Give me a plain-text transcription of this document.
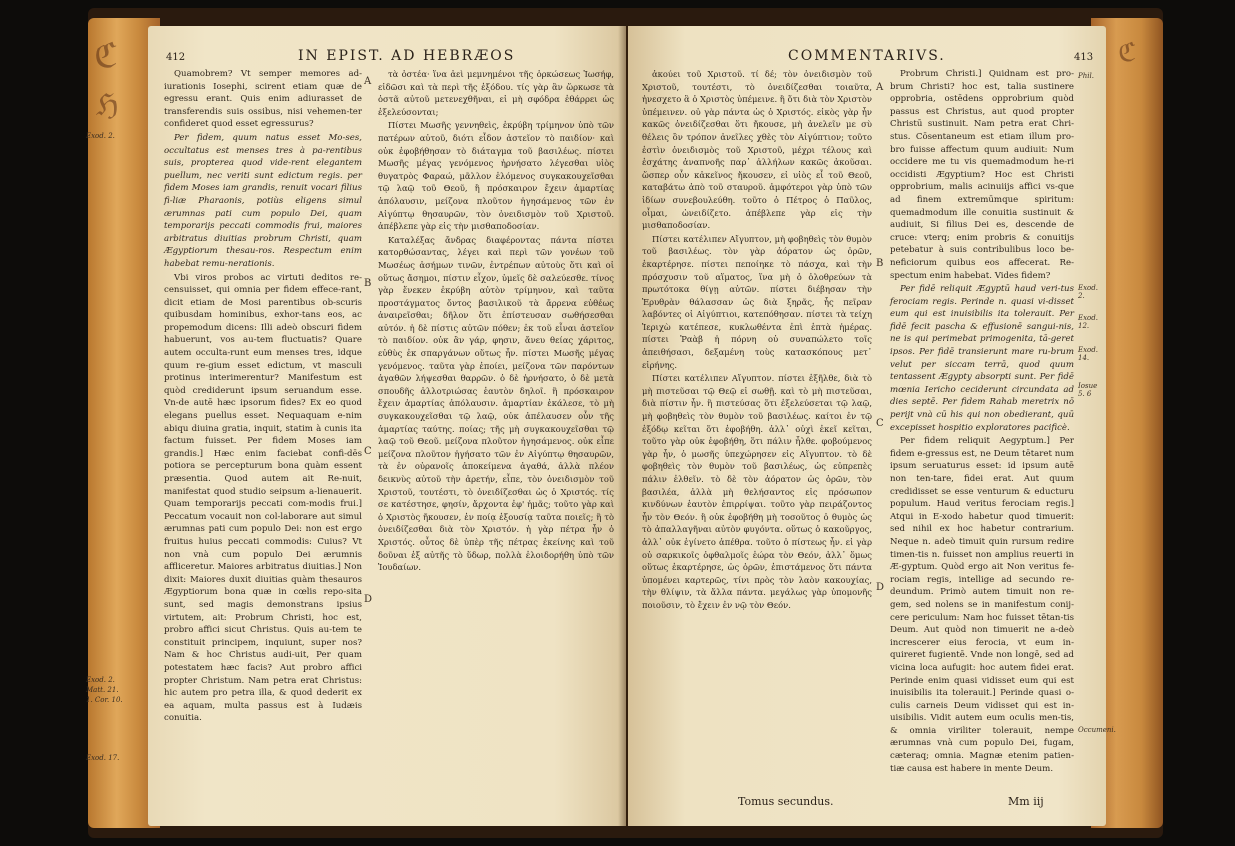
ℭ
ℌ
ℭ
412	IN EPIST. AD HEBRÆOS

Quamobrem? Vt semper memores ad-iurationis Iosephi, scirent etiam quæ de egressu erant. Quis enim adiurasset de transferendis suis ossibus, nisi vehemen-ter confideret quod esset egressurus?

Per fidem, quum natus esset Mo-ses, occultatus est menses tres à pa-rentibus suis, propterea quod vide-rent elegantem puellum, nec veriti sunt edictum regis. per fidem Moses iam grandis, renuit vocari filius fi-liæ Pharaonis, potiùs eligens simul ærumnas pati cum populo Dei, quam temporarijs peccati commodis frui, maiores arbitratus diuitias probrum Christi, quam Ægyptiorum thesau-ros. Respectum enim habebat remu-nerationis.

Vbi viros probos ac virtuti deditos re-censuisset, qui omnia per fidem effece-rant, dicit etiam de Mosi parentibus ob-scuris quibusdam hominibus, exhor-tans eos, ac propemodum dicens: Illi adeò obscuri fidem habuerunt, vos au-tem fluctuatis? Quare autem occulta-runt eum menses tres, idque quum re-gium esset edictum, vt masculi protinus interimerentur? Manifestum est quòd crediderunt ipsum seruandum esse. Vn-de autē hæc ipsorum fides? Ex eo quod elegans puellus esset. Nequaquam e-nim abiqu diuina gratia, inquit, statim à cunis ita factum fuisset. Per fidem Moses iam grandis.] Hæc enim faciebat confi-dēs potiora se percepturum bona quàm essent præsentia. Quod autem ait Re-nuit, manifestat quod studio seipsum a-lienauerit. Quam temporarijs peccati com-modis frui.] Peccatum vocauit non col-laborare aut simul ærumnas pati cum populo Dei: non est ergo fruitus huius peccati commodis: Cuius? Vt non vnà cum populo Dei ærumnis affliceretur. Maiores arbitratus diuitias.] Non dixit: Maiores duxit diuitias quàm thesauros Ægyptiorum bona quæ in cœlis repo-sita sunt, sed magis demonstrans ipsius virtutem, ait: Probrum Christi, hoc est, probro affici sicut Christus. Quis au-tem te constituit principem, inquiunt, super nos? Nam & hoc Christus audi-uit, Per quam potestatem hæc facis? Aut probro affici propter Christum. Nam petra erat Christus: hic autem pro petra illa, & quod dederit ex ea aquam, multa passus est à Iudæis conuitia.

A
B
C
D

τὰ ὀστέα· ἵνα ἀεὶ μεμνημένοι τῆς ὁρκώσεως Ἰωσήφ, εἰδῶσι καὶ τὰ περὶ τῆς ἐξόδου. τίς γὰρ ἂν ὥρκωσε τὰ ὀστᾶ αὐτοῦ μετενεχθῆναι, εἰ μὴ σφόδρα ἐθάρρει ὡς ἐξελεύσονται;

Πίστει Μωσῆς γεννηθεὶς, ἐκρύβη τρίμηνον ὑπὸ τῶν πατέρων αὐτοῦ, διότι εἶδον ἀστεῖον τὸ παιδίον· καὶ οὐκ ἐφοβήθησαν τὸ διάταγμα τοῦ βασιλέως. πίστει Μωσῆς μέγας γενόμενος ἠρνήσατο λέγεσθαι υἱὸς θυγατρὸς Φαραώ, μᾶλλον ἑλόμενος συγκακουχεῖσθαι τῷ λαῷ τοῦ Θεοῦ, ἢ πρόσκαιρον ἔχειν ἁμαρτίας ἀπόλαυσιν, μείζονα πλοῦτον ἡγησάμενος τῶν ἐν Αἰγύπτῳ θησαυρῶν, τὸν ὀνειδισμὸν τοῦ Χριστοῦ. ἀπέβλεπε γὰρ εἰς τὴν μισθαποδοσίαν.

Καταλέξας ἄνδρας διαφέροντας πάντα πίστει κατορθώσαντας, λέγει καὶ περὶ τῶν γονέων τοῦ Μωσέως ἀσήμων τινῶν, ἐντρέπων αὐτοὺς ὅτι καὶ οἱ οὕτως ἄσημοι, πίστιν εἶχον, ὑμεῖς δὲ σαλεύεσθε. τίνος γὰρ ἕνεκεν ἐκρύβη αὐτὸν τρίμηνον, καὶ ταῦτα προστάγματος ὄντος βασιλικοῦ τὰ ἄρρενα εὐθέως ἀναιρεῖσθαι; δῆλον ὅτι ἐπίστευσαν σωθήσεσθαι αὐτόν. ἡ δὲ πίστις αὐτῶν πόθεν; ἐκ τοῦ εἶναι ἀστεῖον τὸ παιδίον. οὐκ ἂν γάρ, φησιν, ἄνευ θείας χάριτος, εὐθὺς ἐκ σπαργάνων οὕτως ἦν. πίστει Μωσῆς μέγας γενόμενος. ταῦτα γὰρ ἐποίει, μείζονα τῶν παρόντων ἀγαθῶν λήψεσθαι θαρρῶν. ὁ δὲ ἠρνήσατο, ὁ δὲ μετὰ σπουδῆς ἀλλοτριώσας ἑαυτὸν δηλοῖ. ἢ πρόσκαιρον ἔχειν ἁμαρτίας ἀπόλαυσιν. ἁμαρτίαν ἐκάλεσε, τὸ μὴ συγκακουχεῖσθαι τῷ λαῷ, οὐκ ἀπέλαυσεν οὖν τῆς ἁμαρτίας ταύτης. ποίας; τῆς μὴ συγκακουχεῖσθαι τῷ λαῷ τοῦ Θεοῦ. μείζονα πλοῦτον ἡγησάμενος. οὐκ εἶπε μείζονα πλοῦτον ἡγήσατο τῶν ἐν Αἰγύπτῳ θησαυρῶν, τὰ ἐν οὐρανοῖς ἀποκείμενα ἀγαθά, ἀλλὰ πλέον δεικνὺς αὐτοῦ τὴν ἀρετήν, εἶπε, τὸν ὀνειδισμὸν τοῦ Χριστοῦ, τουτέστι, τὸ ὀνειδίζεσθαι ὡς ὁ Χριστός. τίς σε κατέστησε, φησίν, ἄρχοντα ἐφ' ἡμᾶς; τοῦτο γὰρ καὶ ὁ Χριστὸς ἤκουσεν, ἐν ποίᾳ ἐξουσίᾳ ταῦτα ποιεῖς; ἢ τὸ ὀνειδίζεσθαι διὰ τὸν Χριστόν. ἡ γὰρ πέτρα ἦν ὁ Χριστός. οὗτος δὲ ὑπὲρ τῆς πέτρας ἐκείνης καὶ τοῦ δοῦναι ἐξ αὐτῆς τὸ ὕδωρ, πολλὰ ἐλοιδορήθη ὑπὸ τῶν Ἰουδαίων.

Exod. 2.
Exod. 2.
Matt. 21.
1. Cor. 10.
Exod. 17.
COMMENTARIVS.	413

ἀκούει τοῦ Χριστοῦ. τί δέ; τὸν ὀνειδισμὸν τοῦ Χριστοῦ, τουτέστι, τὸ ὀνειδίζεσθαι τοιαῦτα, ἠνεσχετο ἃ ὁ Χριστὸς ὑπέμεινε. ἢ ὅτι διὰ τὸν Χριστὸν ὑπέμεινεν. οὐ γὰρ πάντα ὡς ὁ Χριστός. εἰκὸς γὰρ ἦν κακῶς ὀνειδίζεσθαι ὅτι ἤκουσε, μὴ ἀνελεῖν με σὺ θέλεις ὃν τρόπον ἀνεῖλες χθὲς τὸν Αἰγύπτιον; τοῦτο ἐστὶν ὀνειδισμὸς τοῦ Χριστοῦ, μέχρι τέλους καὶ ἐσχάτης ἀναπνοῆς παρ᾿ ἀλλήλων κακῶς ἀκοῦσαι. ὥσπερ οὖν κἀκεῖνος ἤκουσεν, εἰ υἱὸς εἶ τοῦ Θεοῦ, καταβάτω ἀπὸ τοῦ σταυροῦ. ἀμφότεροι γὰρ ὑπὸ τῶν ἰδίων συνεβουλεύθη. τοῦτο ὁ Πέτρος ὁ Παῦλος, οἶμαι, ὠνειδίζετο. ἀπέβλεπε γὰρ εἰς τὴν μισθαποδοσίαν.

Πίστει κατέλιπεν Αἴγυπτον, μὴ φοβηθεὶς τὸν θυμὸν τοῦ βασιλέως. τὸν γὰρ ἀόρατον ὡς ὁρῶν, ἐκαρτέρησε. πίστει πεποίηκε τὸ πάσχα, καὶ τὴν πρόσχυσιν τοῦ αἵματος, ἵνα μὴ ὁ ὀλοθρεύων τὰ πρωτότοκα θίγῃ αὐτῶν. πίστει διέβησαν τὴν Ἐρυθρὰν θάλασσαν ὡς διὰ ξηρᾶς, ἧς πεῖραν λαβόντες οἱ Αἰγύπτιοι, κατεπόθησαν. πίστει τὰ τείχη Ἱεριχὼ κατέπεσε, κυκλωθέντα ἐπὶ ἑπτὰ ἡμέρας. πίστει Ῥαὰβ ἡ πόρνη οὐ συναπώλετο τοῖς ἀπειθήσασι, δεξαμένη τοὺς κατασκόπους μετ᾿ εἰρήνης.

Πίστει κατέλιπεν Αἴγυπτον. πίστει ἐξῆλθε, διὰ τὸ μὴ πιστεῦσαι τῷ Θεῷ εἰ σωθῇ. καὶ τὸ μὴ πιστεῦσαι, διὰ πίστιν ἦν. ἢ πιστεύσας ὅτι ἐξελεύσεται τῷ λαῷ, μὴ φοβηθεὶς τὸν θυμὸν τοῦ βασιλέως. καίτοι ἐν τῷ ἐξόδῳ κεῖται ὅτι ἐφοβήθη. ἀλλ᾿ οὐχὶ ἐκεῖ κεῖται, τοῦτο γὰρ οὐκ ἐφοβήθη, ὅτι πάλιν ἦλθε. φοβούμενος γὰρ ἦν, ὁ μωσῆς ὑπεχώρησεν εἰς Αἴγυπτον. τὸ δὲ φοβηθεὶς τὸν θυμὸν τοῦ βασιλέως, ὡς εὐπρεπὲς πάλιν ἐλθεῖν. τὸ δὲ τὸν ἀόρατον ὡς ὁρῶν, τὸν βασιλέα, ἀλλὰ μὴ θελήσαντος εἰς πρόσωπον κινδύνων ἑαυτὸν ἐπιρρίψαι. τοῦτο γὰρ πειράζοντος ἦν τὸν Θεόν. ἢ οὐκ ἐφοβήθη μὴ τοσοῦτος ὁ θυμὸς ὡς τὸ ἀπαλλαγῆναι αὐτὸν φυγόντα. οὕτως ὁ κακοῦργος, ἀλλ᾿ οὐκ ἐγίνετο ἀπέθρα. τοῦτο ὁ πίστεως ἦν. εἰ γὰρ οὐ σαρκικοῖς ὀφθαλμοῖς ἑώρα τὸν Θεόν, ἀλλ᾿ ὅμως οὕτως ἐκαρτέρησε, ὡς ὁρῶν, ἐπιστάμενος ὅτι πάντα ὑπομένει καρτερῶς, τίνι πρὸς τὸν λαὸν κακουχίας, τὴν θλίψιν, τὰ ἄλλα πάντα. μεγάλως γὰρ ὑπομονῆς ποιοῦσιν, τὸ ἔχειν ἐν νῷ τὸν Θεόν.

A
B
C
D

Probrum Christi.] Quidnam est pro-brum Christi? hoc est, talia sustinere opprobria, ostēdens opprobrium quòd passus est Christus, aut quod propter Christū sustinuit. Nam petra erat Chri-stus. Cōsentaneum est etiam illum pro-bro fuisse affectum quum audiuit: Num occidere me tu vis quemadmodum he-ri occidisti Ægyptium? Hoc est Christi opprobrium, malis acinuiijs affici vs-que ad finem extremūmque spiritum: quemadmodum ille conuitia sustinuit & audiuit, Si filius Dei es, descende de cruce: vterq; enim probris & conuitijs petebatur à suis contribulibus loco be-neficiorum quibus eos affecerat. Re-spectum enim habebat. Vides fidem?

Per fidē reliquit Ægyptū haud veri-tus ferociam regis. Perinde n. quasi vi-disset eum qui est inuisibilis ita tolerauit. Per fidē fecit pascha & effusionē sangui-nis, ne is qui perimebat primogenita, tā-geret ipsos. Per fidē transierunt mare ru-brum velut per siccam terrā, quod quum tentassent Ægypty absorpti sunt. Per fidē mœnia Iericho ceciderunt circundata ad dies septē. Per fidem Rahab meretrix nō perijt vnà cū his qui non obedierant, quū excepisset hospitio exploratores pacificè.

Per fidem reliquit Aegyptum.] Per fidem e-gressus est, ne Deum tētaret num ipsum seruaturus esset: id ipsum autē non ten-tare, fidei erat. Aut quum credidisset se esse venturum & educturu populum. Haud veritus ferociam regis.] Atqui in E-xodo habetur quod timuerit: sed nihil ex hoc habetur contrarium. Neque n. adeò timuit quin rursum redire timen-tis n. fuisset non amplius reuerti in Æ-gyptum. Quòd ergo ait Non veritus fe-rociam regis, intellige ad secundo re-deundum. Primò autem timuit non re-gem, sed nolens se in manifestum conij-cere periculum: Nam hoc fuisset tētan-tis Deum. Aut quòd non timuerit ne a-deò increscerer eius ferocia, vt eum in-quireret fugientē. Vnde non longē, sed ad vicina loca aufugit: hoc autem fidei erat. Perinde enim quasi vidisset eum qui est inuisibilis ita tolerauit.] Perinde quasi o-culis carneis Deum vidisset qui est in-uisibilis. Vidit autem eum oculis men-tis, & omnia viriliter tolerauit, nempe ærumnas vnà cum populo Dei, fugam, cæteraq; omnia. Magnæ etenim patien-tiæ causa est habere in mente Deum.

Phil.
Exod. 2.
Exod. 12.
Exod. 14.
Iosue 5. 6
Occumeni.
Tomus secundus.	Mm iij
